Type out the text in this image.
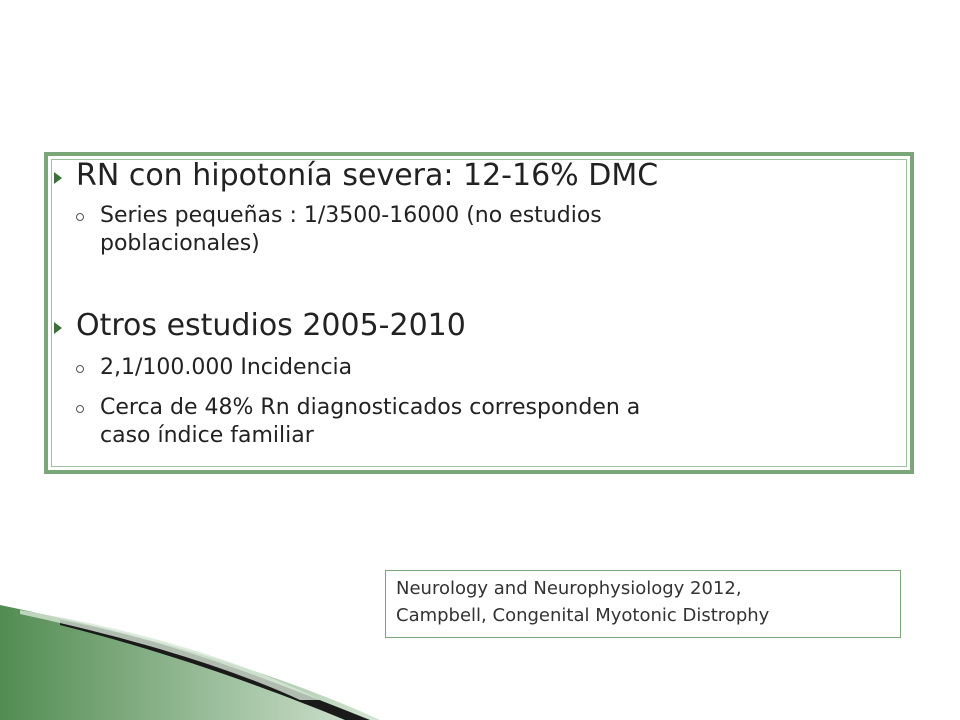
RN con hipotonía severa: 12-16% DMC
Series pequeñas : 1/3500-16000 (no estudios
poblacionales)
Otros estudios 2005-2010
2,1/100.000 Incidencia
Cerca de 48% Rn diagnosticados corresponden a
caso índice familiar
Neurology and Neurophysiology 2012,
Campbell, Congenital Myotonic Distrophy
